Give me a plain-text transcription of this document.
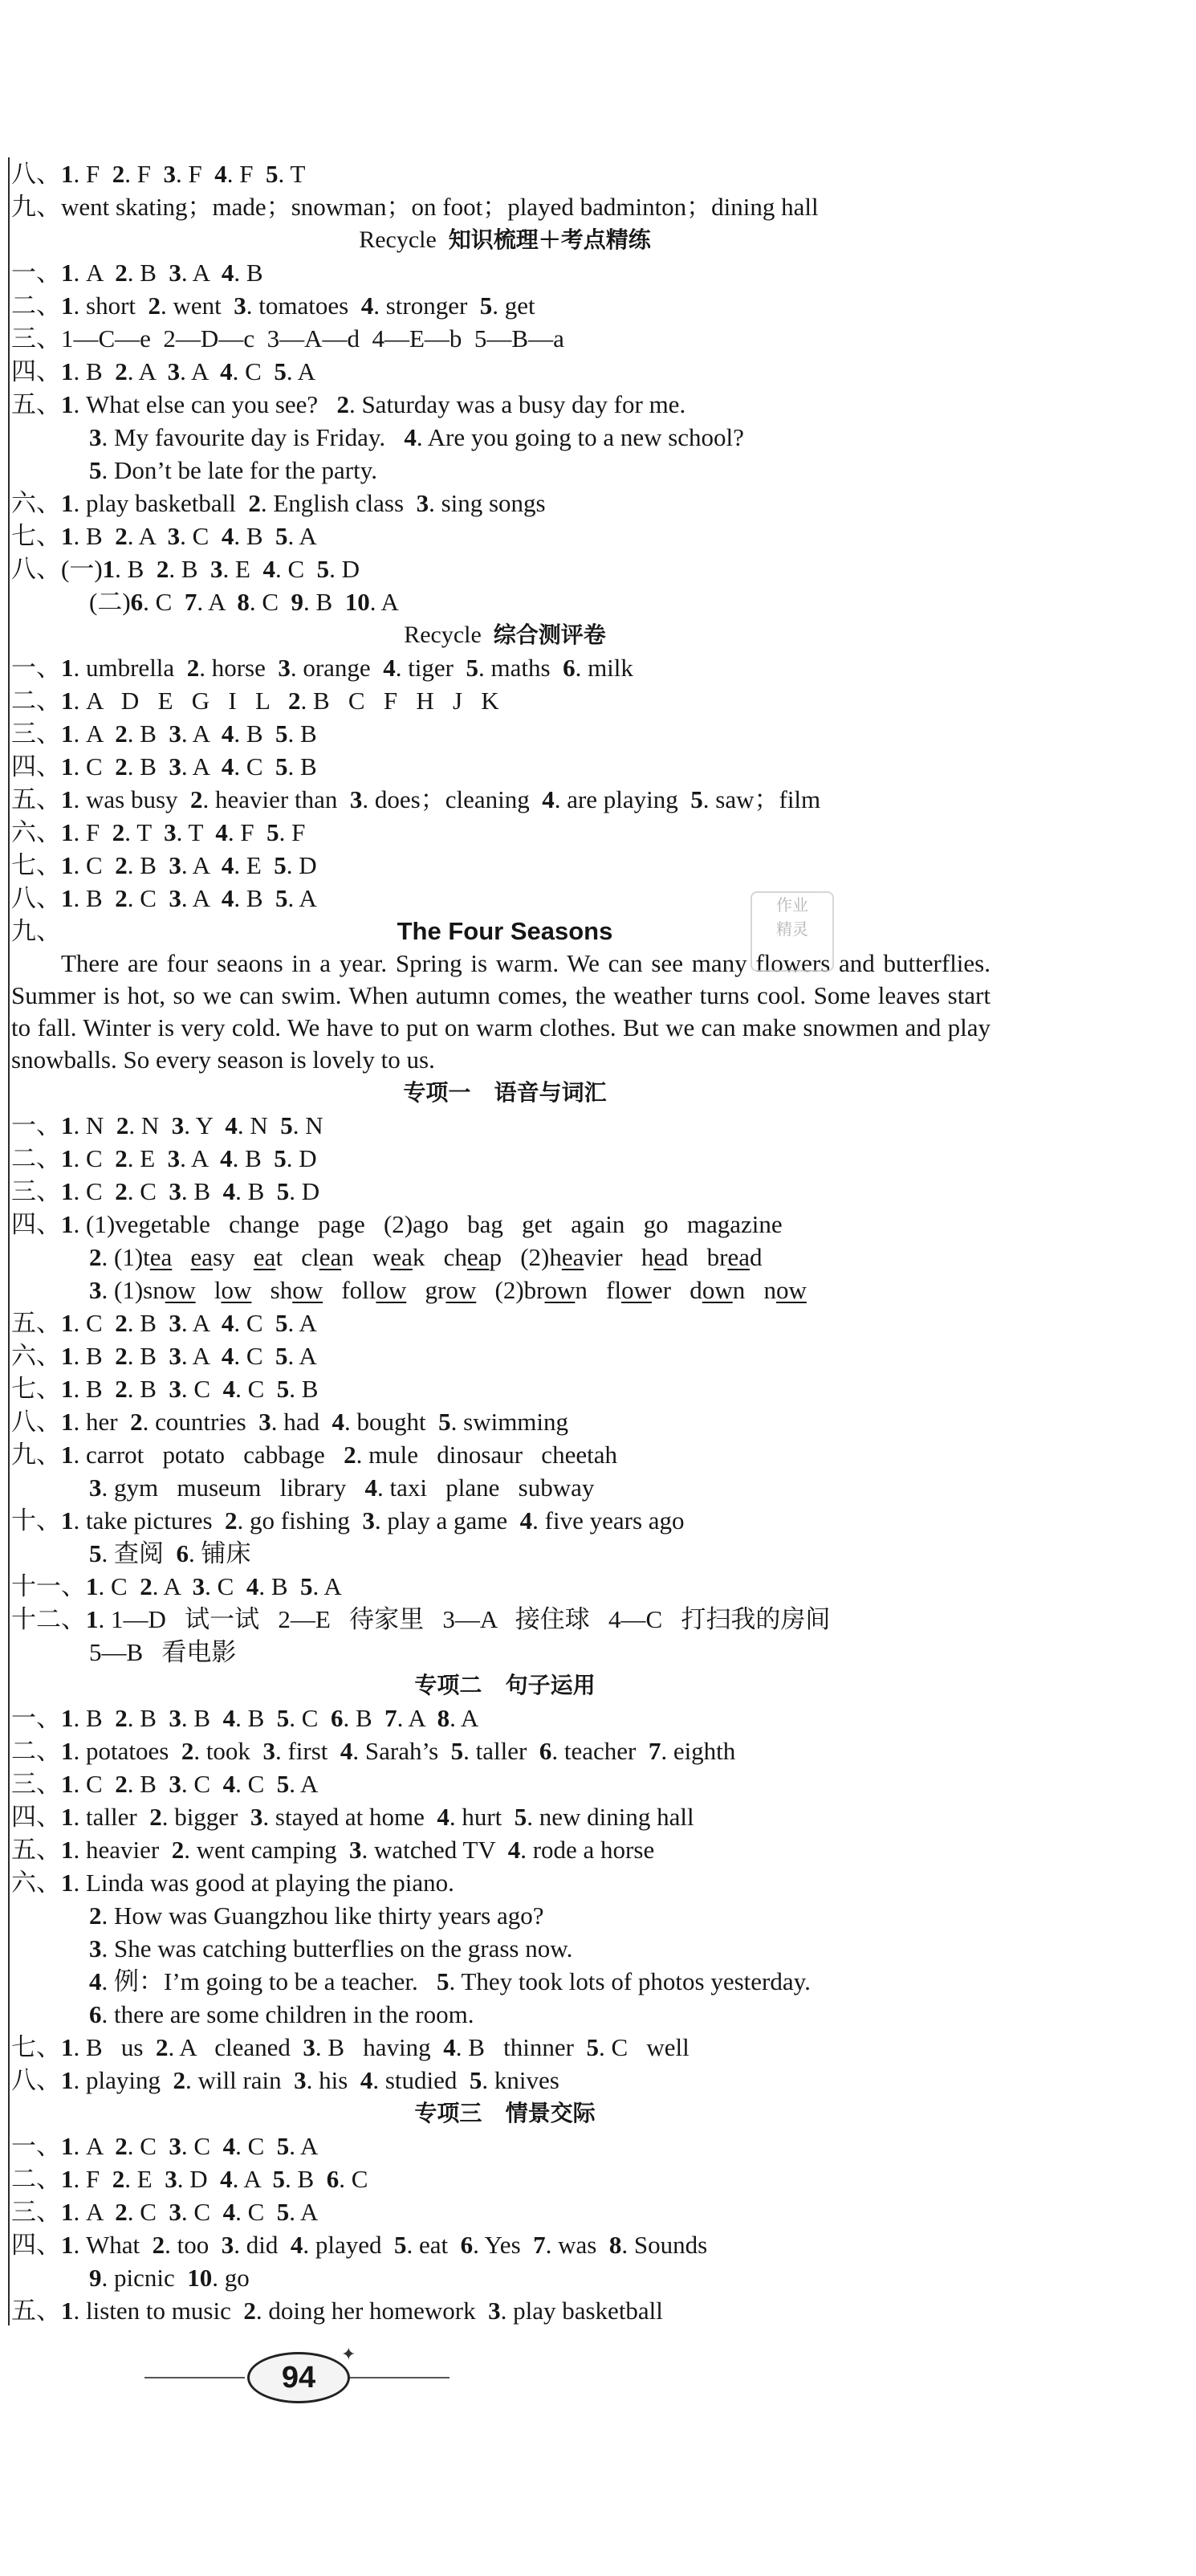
八、1. F  2. F  3. F  4. F  5. T
九、went skating；made；snowman；on foot；played badminton；dining hall
Recycle  知识梳理＋考点精练
一、1. A  2. B  3. A  4. B
二、1. short  2. went  3. tomatoes  4. stronger  5. get
三、1—C—e  2—D—c  3—A—d  4—E—b  5—B—a
四、1. B  2. A  3. A  4. C  5. A
五、1. What else can you see?   2. Saturday was a busy day for me.
3. My favourite day is Friday.   4. Are you going to a new school?
5. Don’t be late for the party.
六、1. play basketball  2. English class  3. sing songs
七、1. B  2. A  3. C  4. B  5. A
八、(一)1. B  2. B  3. E  4. C  5. D
(二)6. C  7. A  8. C  9. B  10. A
Recycle  综合测评卷
一、1. umbrella  2. horse  3. orange  4. tiger  5. maths  6. milk
二、1. A   D   E   G   I   L   2. B   C   F   H   J   K
三、1. A  2. B  3. A  4. B  5. B
四、1. C  2. B  3. A  4. C  5. B
五、1. was busy  2. heavier than  3. does；cleaning  4. are playing  5. saw；film
六、1. F  2. T  3. T  4. F  5. F
七、1. C  2. B  3. A  4. E  5. D
八、1. B  2. C  3. A  4. B  5. A
九、	The Four Seasons
There are four seaons in a year. Spring is warm. We can see many flowers and butterflies. Summer is hot, so we can swim. When autumn comes, the weather turns cool. Some leaves start to fall. Winter is very cold. We have to put on warm clothes. But we can make snowmen and play snowballs. So every season is lovely to us.
专项一   语音与词汇
一、1. N  2. N  3. Y  4. N  5. N
二、1. C  2. E  3. A  4. B  5. D
三、1. C  2. C  3. B  4. B  5. D
四、1. (1)vegetable   change   page   (2)ago   bag   get   again   go   magazine
2. (1)tea easy   eat   clean   weak   cheap   (2)heavier   head   bread
3. (1)snow   low   show   follow   grow   (2)brown   flower   down   now
五、1. C  2. B  3. A  4. C  5. A
六、1. B  2. B  3. A  4. C  5. A
七、1. B  2. B  3. C  4. C  5. B
八、1. her  2. countries  3. had  4. bought  5. swimming
九、1. carrot   potato   cabbage   2. mule   dinosaur   cheetah
3. gym   museum   library   4. taxi   plane   subway
十、1. take pictures  2. go fishing  3. play a game  4. five years ago
5. 查阅  6. 铺床
十一、1. C  2. A  3. C  4. B  5. A
十二、1. 1—D   试一试   2—E   待家里   3—A   接住球   4—C   打扫我的房间
5—B   看电影
专项二   句子运用
一、1. B  2. B  3. B  4. B  5. C  6. B  7. A  8. A
二、1. potatoes  2. took  3. first  4. Sarah’s  5. taller  6. teacher  7. eighth
三、1. C  2. B  3. C  4. C  5. A
四、1. taller  2. bigger  3. stayed at home  4. hurt  5. new dining hall
五、1. heavier  2. went camping  3. watched TV  4. rode a horse
六、1. Linda was good at playing the piano.
2. How was Guangzhou like thirty years ago?
3. She was catching butterflies on the grass now.
4. 例：I’m going to be a teacher.   5. They took lots of photos yesterday.
6. there are some children in the room.
七、1. B   us  2. A   cleaned  3. B   having  4. B   thinner  5. C   well
八、1. playing  2. will rain  3. his  4. studied  5. knives
专项三   情景交际
一、1. A  2. C  3. C  4. C  5. A
二、1. F  2. E  3. D  4. A  5. B  6. C
三、1. A  2. C  3. C  4. C  5. A
四、1. What  2. too  3. did  4. played  5. eat  6. Yes  7. was  8. Sounds
9. picnic  10. go
五、1. listen to music  2. doing her homework  3. play basketball
作业
精灵
✦
94
